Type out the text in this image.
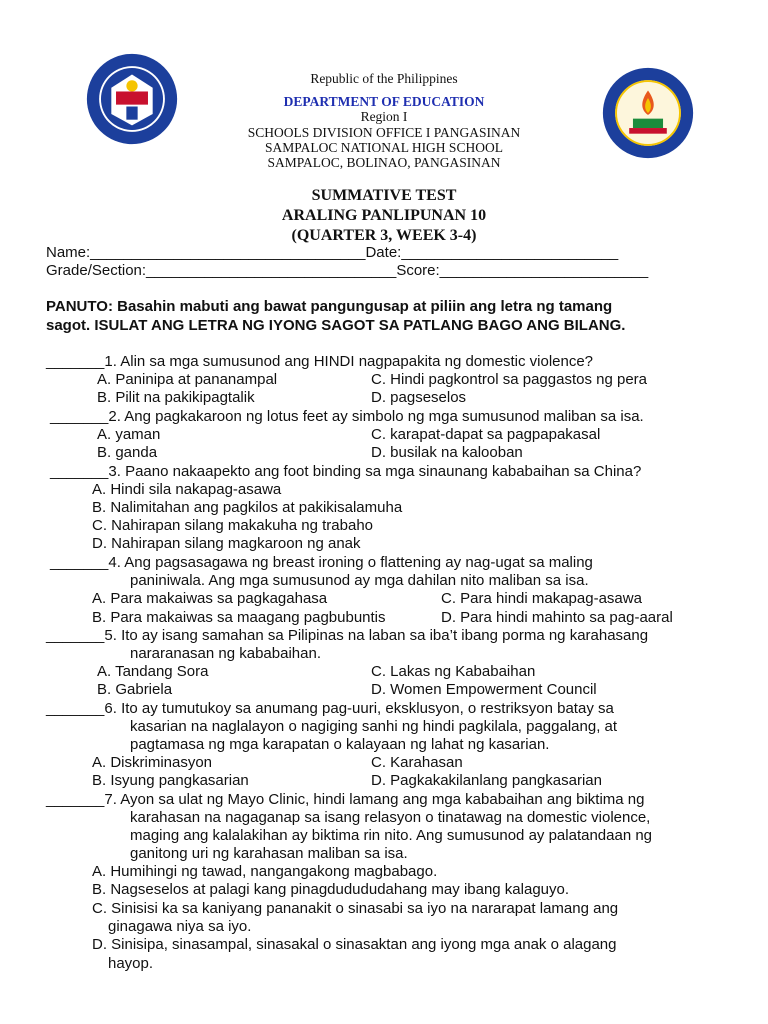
Republic of the Philippines
DEPARTMENT OF EDUCATION
Region I
SCHOOLS DIVISION OFFICE I PANGASINAN
SAMPALOC NATIONAL HIGH SCHOOL
SAMPALOC, BOLINAO, PANGASINAN
SUMMATIVE TEST
ARALING PANLIPUNAN 10
(QUARTER 3, WEEK 3-4)
Name:_________________________________Date:__________________________
Grade/Section:______________________________Score:_________________________
PANUTO: Basahin mabuti ang bawat pangungusap at piliin ang letra ng tamang
sagot. ISULAT ANG LETRA NG IYONG SAGOT SA PATLANG BAGO ANG BILANG.
_______1. Alin sa mga sumusunod ang HINDI nagpapakita ng domestic violence?
A. Paninipa at pananampal	C. Hindi pagkontrol sa paggastos ng pera
B. Pilit na pakikipagtalik	D. pagseselos
_______2. Ang pagkakaroon ng lotus feet ay simbolo ng mga sumusunod maliban sa isa.
A. yaman	C. karapat-dapat sa pagpapakasal
B. ganda	D. busilak na kalooban
_______3. Paano nakaapekto ang foot binding sa mga sinaunang kababaihan sa China?
A. Hindi sila nakapag-asawa
B. Nalimitahan ang pagkilos at pakikisalamuha
C. Nahirapan silang makakuha ng trabaho
D. Nahirapan silang magkaroon ng anak
_______4. Ang pagsasagawa ng breast ironing o flattening ay nag-ugat sa maling
paniniwala. Ang mga sumusunod ay mga dahilan nito maliban sa isa.
A. Para makaiwas sa pagkagahasa	C. Para hindi makapag-asawa
B. Para makaiwas sa maagang pagbubuntis	D. Para hindi mahinto sa pag-aaral
_______5. Ito ay isang samahan sa Pilipinas na laban sa iba’t ibang porma ng karahasang
nararanasan ng kababaihan.
A. Tandang Sora	C. Lakas ng Kababaihan
B. Gabriela	D. Women Empowerment Council
_______6. Ito ay tumutukoy sa anumang pag-uuri, eksklusyon, o restriksyon batay sa
kasarian na naglalayon o nagiging sanhi ng hindi pagkilala, paggalang, at
pagtamasa ng mga karapatan o kalayaan ng lahat ng kasarian.
A. Diskriminasyon	C. Karahasan
B. Isyung pangkasarian	D. Pagkakakilanlang pangkasarian
_______7. Ayon sa ulat ng Mayo Clinic, hindi lamang ang mga kababaihan ang biktima ng
karahasan na nagaganap sa isang relasyon o tinatawag na domestic violence,
maging ang kalalakihan ay biktima rin nito. Ang sumusunod ay palatandaan ng
ganitong uri ng karahasan maliban sa isa.
A. Humihingi ng tawad, nangangakong magbabago.
B. Nagseselos at palagi kang pinagdudududahang may ibang kalaguyo.
C. Sinisisi ka sa kaniyang pananakit o sinasabi sa iyo na nararapat lamang ang
ginagawa niya sa iyo.
D. Sinisipa, sinasampal, sinasakal o sinasaktan ang iyong mga anak o alagang
hayop.
